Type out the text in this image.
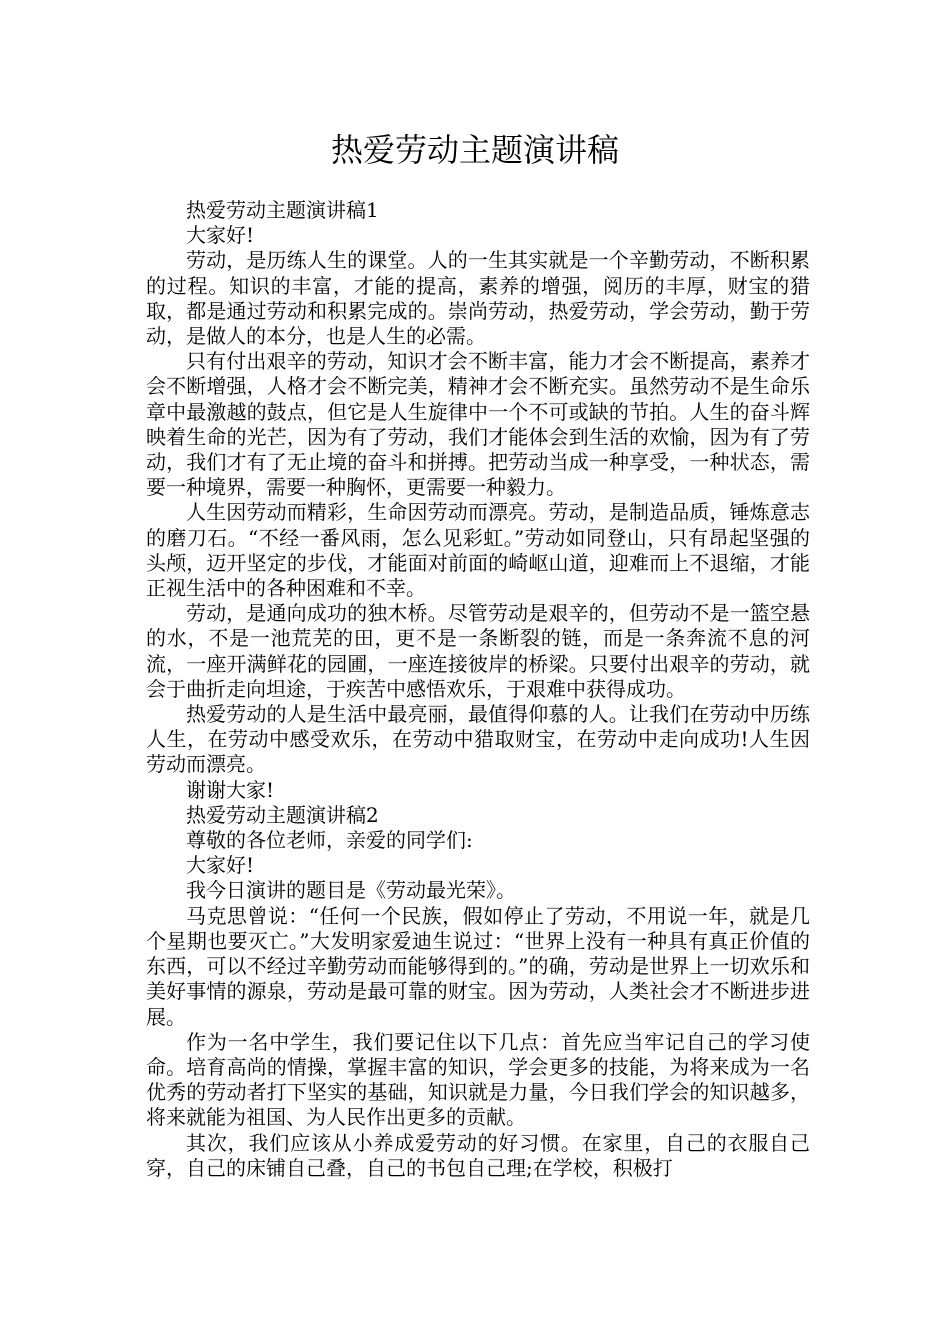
热爱劳动主题演讲稿

热爱劳动主题演讲稿1

大家好!

劳动，是历练人生的课堂。人的一生其实就是一个辛勤劳动，不断积累的过程。知识的丰富，才能的提高，素养的增强，阅历的丰厚，财宝的猎取，都是通过劳动和积累完成的。崇尚劳动，热爱劳动，学会劳动，勤于劳动，是做人的本分，也是人生的必需。

只有付出艰辛的劳动，知识才会不断丰富，能力才会不断提高，素养才会不断增强，人格才会不断完美，精神才会不断充实。虽然劳动不是生命乐章中最激越的鼓点，但它是人生旋律中一个不可或缺的节拍。人生的奋斗辉映着生命的光芒，因为有了劳动，我们才能体会到生活的欢愉，因为有了劳动，我们才有了无止境的奋斗和拼搏。把劳动当成一种享受，一种状态，需要一种境界，需要一种胸怀，更需要一种毅力。

人生因劳动而精彩，生命因劳动而漂亮。劳动，是制造品质，锤炼意志的磨刀石。“不经一番风雨，怎么见彩虹。”劳动如同登山，只有昂起坚强的头颅，迈开坚定的步伐，才能面对前面的崎岖山道，迎难而上不退缩，才能正视生活中的各种困难和不幸。

劳动，是通向成功的独木桥。尽管劳动是艰辛的，但劳动不是一篮空悬的水，不是一池荒芜的田，更不是一条断裂的链，而是一条奔流不息的河流，一座开满鲜花的园圃，一座连接彼岸的桥梁。只要付出艰辛的劳动，就会于曲折走向坦途，于疾苦中感悟欢乐，于艰难中获得成功。

热爱劳动的人是生活中最亮丽，最值得仰慕的人。让我们在劳动中历练人生，在劳动中感受欢乐，在劳动中猎取财宝，在劳动中走向成功!人生因劳动而漂亮。

谢谢大家!

热爱劳动主题演讲稿2

尊敬的各位老师，亲爱的同学们:

大家好!

我今日演讲的题目是《劳动最光荣》。

马克思曾说：“任何一个民族，假如停止了劳动，不用说一年，就是几个星期也要灭亡。”大发明家爱迪生说过：“世界上没有一种具有真正价值的东西，可以不经过辛勤劳动而能够得到的。”的确，劳动是世界上一切欢乐和美好事情的源泉，劳动是最可靠的财宝。因为劳动，人类社会才不断进步进展。

作为一名中学生，我们要记住以下几点：首先应当牢记自己的学习使命。培育高尚的情操，掌握丰富的知识，学会更多的技能，为将来成为一名优秀的劳动者打下坚实的基础，知识就是力量，今日我们学会的知识越多，将来就能为祖国、为人民作出更多的贡献。

其次，我们应该从小养成爱劳动的好习惯。在家里，自己的衣服自己穿，自己的床铺自己叠，自己的书包自己理;在学校，积极打
